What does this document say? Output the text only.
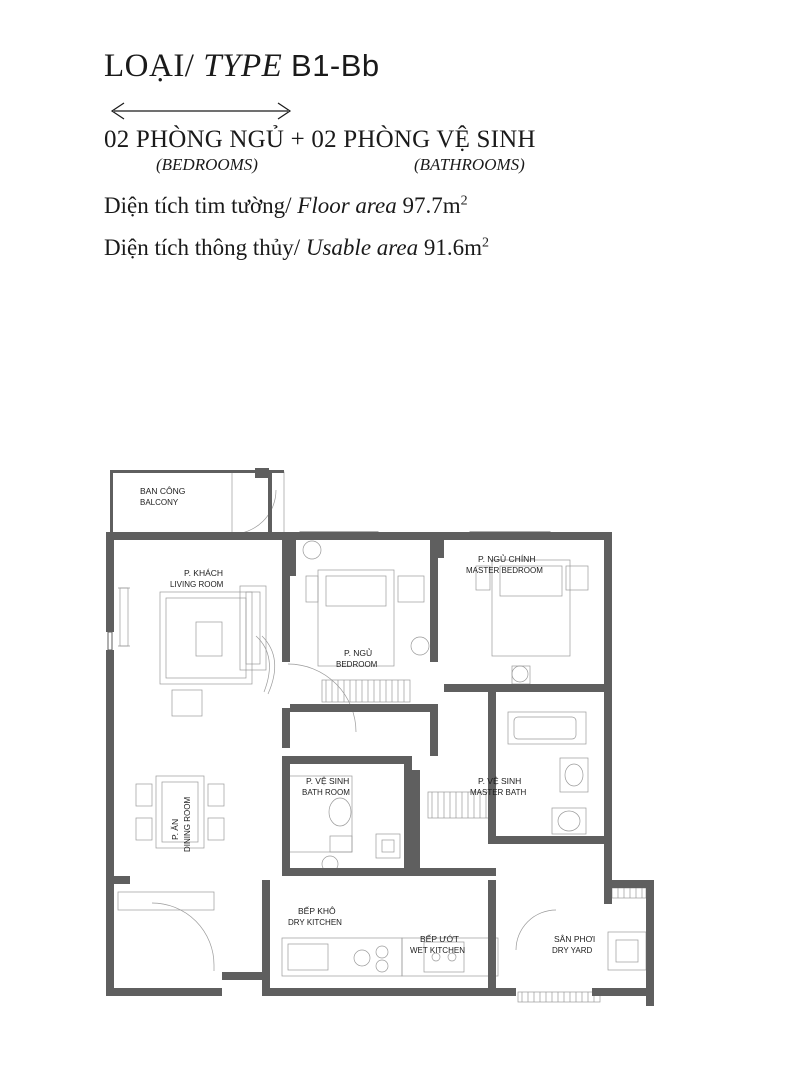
LOẠI/ TYPE B1-Bb
02 PHÒNG NGỦ + 02 PHÒNG VỆ SINH
(BEDROOMS)	(BATHROOMS)
Diện tích tim tường/ Floor area $97.7m^2$
Diện tích thông thủy/ Usable area $91.6m^2$
BAN CÔNG
BALCONY
P. KHÁCH
LIVING ROOM
P. NGỦ CHÍNH
MASTER BEDROOM
P. NGỦ
BEDROOM
P. VỆ SINH
BATH ROOM
P. VỆ SINH
MASTER BATH
P. ĂN DINING ROOM
BẾP KHÔ
DRY KITCHEN
BẾP ƯỚT
WET KITCHEN
SÂN PHƠI
DRY YARD
